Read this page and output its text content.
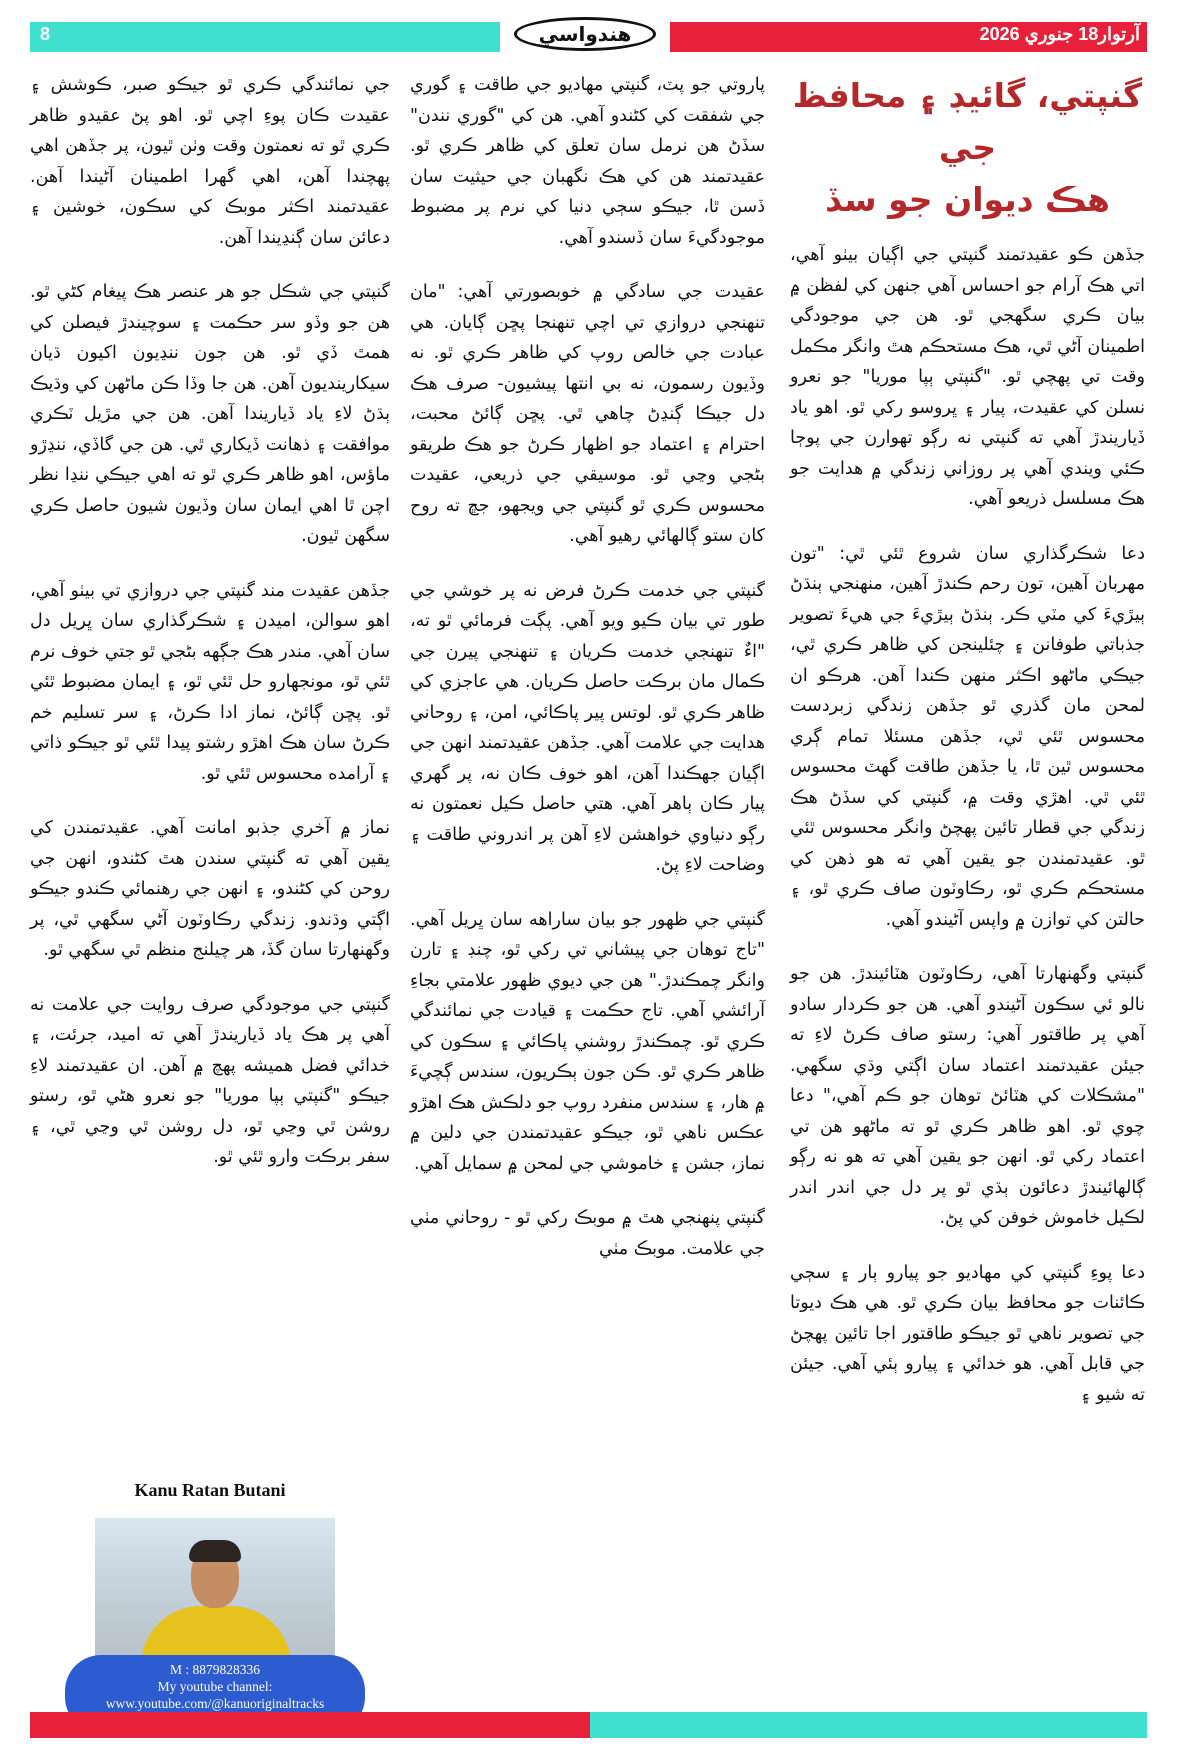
8	آرتوار18 جنوري 2026
هندواسي
گنپتي، گائيڊ ۽ محافظ جي
هڪ ديوان جو سڏ

جڏهن ڪو عقيدتمند گنپتي جي اڳيان بيٺو آهي، اتي هڪ آرام جو احساس آهي جنهن کي لفظن ۾ بيان ڪري سگهجي ٿو. هن جي موجودگي اطمينان آڻي ٿي، هڪ مستحڪم هٿ وانگر مڪمل وقت تي پهچي ٿو. "گنپتي ٻپا موريا" جو نعرو نسلن کي عقيدت، پيار ۽ ڀروسو رکي ٿو. اهو ياد ڏياريندڙ آهي ته گنپتي نه رڳو تهوارن جي پوڄا ڪئي ويندي آهي پر روزاني زندگي ۾ هدايت جو هڪ مسلسل ذريعو آهي.

دعا شڪرگذاري سان شروع ٿئي ٿي: "تون مهربان آهين، تون رحم ڪندڙ آهين، منهنجي ٻنڌڻ ٻيڙيءَ کي مٽي ڪر. ٻنڌڻ ٻيڙيءَ جي هيءَ تصوير جذباتي طوفانن ۽ چئلينجن کي ظاهر ڪري ٿي، جيڪي ماڻهو اڪثر منهن ڪندا آهن. هرڪو ان لمحن مان گذري ٿو جڏهن زندگي زبردست محسوس ٿئي ٿي، جڏهن مسئلا تمام ڳري محسوس ٿين ٿا، يا جڏهن طاقت گهٽ محسوس ٿئي ٿي. اهڙي وقت ۾، گنپتي کي سڏڻ هڪ زندگي جي قطار تائين پهچڻ وانگر محسوس ٿئي ٿو. عقيدتمندن جو يقين آهي ته هو ذهن کي مستحڪم ڪري ٿو، رڪاوٽون صاف ڪري ٿو، ۽ حالتن کي توازن ۾ واپس آڻيندو آهي.

گنپتي وگهنهارتا آهي، رڪاوٽون هٽائيندڙ. هن جو نالو ئي سڪون آڻيندو آهي. هن جو ڪردار سادو آهي پر طاقتور آهي: رستو صاف ڪرڻ لاءِ ته جيئن عقيدتمند اعتماد سان اڳتي وڌي سگهي. "مشڪلات کي هٽائڻ توهان جو ڪم آهي،" دعا چوي ٿو. اهو ظاهر ڪري ٿو ته ماڻهو هن تي اعتماد رکي ٿو. انهن جو يقين آهي ته هو نه رڳو ڳالهائيندڙ دعائون ٻڌي ٿو پر دل جي اندر اندر لڪيل خاموش خوفن کي پڻ.

دعا پوءِ گنپتي کي مهاديو جو پيارو ٻار ۽ سڄي ڪائنات جو محافظ بيان ڪري ٿو. هي هڪ ديوتا جي تصوير ناهي ٿو جيڪو طاقتور اجا تائين پهچڻ جي قابل آهي. هو خدائي ۽ پيارو ٻئي آهي. جيئن ته شيو ۽

پاروتي جو پٽ، گنپتي مهاديو جي طاقت ۽ گوري جي شفقت کي کڻندو آهي. هن کي "گوري نندن" سڏڻ هن نرمل سان تعلق کي ظاهر ڪري ٿو. عقيدتمند هن کي هڪ نگهبان جي حيثيت سان ڏسن ٿا، جيڪو سڄي دنيا کي نرم پر مضبوط موجودگيءَ سان ڏسندو آهي.

عقيدت جي سادگي ۾ خوبصورتي آهي: "مان تنهنجي دروازي تي اچي تنهنجا پڇن ڳايان. هي عبادت جي خالص روپ کي ظاهر ڪري ٿو. نه وڏيون رسمون، نه بي انتها پيشيون- صرف هڪ دل جيڪا ڳنڍڻ چاهي ٿي. پڇن ڳائڻ محبت، احترام ۽ اعتماد جو اظهار ڪرڻ جو هڪ طريقو بڻجي وڃي ٿو. موسيقي جي ذريعي، عقيدت محسوس ڪري ٿو گنپتي جي ويجهو، جڇ ته روح کان ستو ڳالهائي رهيو آهي.

گنپتي جي خدمت ڪرڻ فرض نه پر خوشي جي طور تي بيان ڪيو ويو آهي. پڳت فرمائي ٿو ته، "اءٌ تنهنجي خدمت ڪريان ۽ تنهنجي پيرن جي ڪمال مان برڪت حاصل ڪريان. هي عاجزي کي ظاهر ڪري ٿو. لوتس پير پاڪائي، امن، ۽ روحاني هدايت جي علامت آهي. جڏهن عقيدتمند انهن جي اڳيان جهڪندا آهن، اهو خوف ڪان نه، پر گهري پيار ڪان ٻاهر آهي. هتي حاصل ڪيل نعمتون نه رڳو دنياوي خواهشن لاءِ آهن پر اندروني طاقت ۽ وضاحت لاءِ پڻ.

گنپتي جي ظهور جو بيان ساراهه سان ڀريل آهي. "تاج توهان جي پيشاني تي رکي ٿو، چنڊ ۽ تارن وانگر چمڪندڙ." هن جي ديوي ظهور علامتي بجاءِ آرائشي آهي. تاج حڪمت ۽ قيادت جي نمائندگي ڪري ٿو. چمڪندڙ روشني پاڪائي ۽ سڪون کي ظاهر ڪري ٿو. ڪن جون ٻڪريون، سندس ڳچيءَ ۾ هار، ۽ سندس منفرد روپ جو دلڪش هڪ اهڙو عڪس ناهي ٿو، جيڪو عقيدتمندن جي دلين ۾ نماز، جشن ۽ خاموشي جي لمحن ۾ سمايل آهي.

گنپتي پنهنجي هٿ ۾ موبڪ رکي ٿو - روحاني مٺي جي علامت. موبڪ مٺي

جي نمائندگي ڪري ٿو جيڪو صبر، ڪوشش ۽ عقيدت ڪان پوءِ اچي ٿو. اهو پڻ عقيدو ظاهر ڪري ٿو ته نعمتون وقت وٺن ٿيون، پر جڏهن اهي پهچندا آهن، اهي گهرا اطمينان آڻيندا آهن. عقيدتمند اڪثر موبڪ کي سڪون، خوشين ۽ دعائن سان ڳنڍيندا آهن.

گنپتي جي شڪل جو هر عنصر هڪ پيغام کڻي ٿو. هن جو وڏو سر حڪمت ۽ سوچيندڙ فيصلن کي همٿ ڏي ٿو. هن جون ننڍيون اکيون ڌيان سيکارينديون آهن. هن جا وڏا ڪن ماڻهن کي وڌيڪ ٻڌڻ لاءِ ياد ڏياريندا آهن. هن جي مڙيل ٽڪري موافقت ۽ ذهانت ڏيکاري ٿي. هن جي گاڏي، ننڍڙو ماؤس، اهو ظاهر ڪري ٿو ته اهي جيڪي ننڍا نظر اچن ٿا اهي ايمان سان وڏيون شيون حاصل ڪري سگهن ٿيون.

جڏهن عقيدت مند گنپتي جي دروازي تي بيٺو آهي، اهو سوالن، اميدن ۽ شڪرگذاري سان ڀريل دل سان آهي. مندر هڪ جڳهه بڻجي ٿو جتي خوف نرم ٿئي ٿو، مونجهارو حل ٿئي ٿو، ۽ ايمان مضبوط ٿئي ٿو. پڇن ڳائڻ، نماز ادا ڪرڻ، ۽ سر تسليم خم ڪرڻ سان هڪ اهڙو رشتو پيدا ٿئي ٿو جيڪو ذاتي ۽ آرامده محسوس ٿئي ٿو.

نماز ۾ آخري جذبو امانت آهي. عقيدتمندن کي يقين آهي ته گنپتي سندن هٿ کڻندو، انهن جي روحن کي کڻندو، ۽ انهن جي رهنمائي ڪندو جيڪو اڳتي وڌندو. زندگي رڪاوٽون آڻي سگهي ٿي، پر وگهنهارتا سان گڏ، هر چيلنج منظم ٿي سگهي ٿو.

گنپتي جي موجودگي صرف روايت جي علامت نه آهي پر هڪ ياد ڏياريندڙ آهي ته اميد، جرئت، ۽ خدائي فضل هميشه پهچ ۾ آهن. ان عقيدتمند لاءِ جيڪو "گنپتي ٻپا موريا" جو نعرو هڻي ٿو، رستو روشن ٿي وڃي ٿو، دل روشن ٿي وڃي ٿي، ۽ سفر برڪت وارو ٿئي ٿو.

Kanu Ratan Butani
M : 8879828336
My youtube channel:
www.youtube.com/@kanuoriginaltracks
